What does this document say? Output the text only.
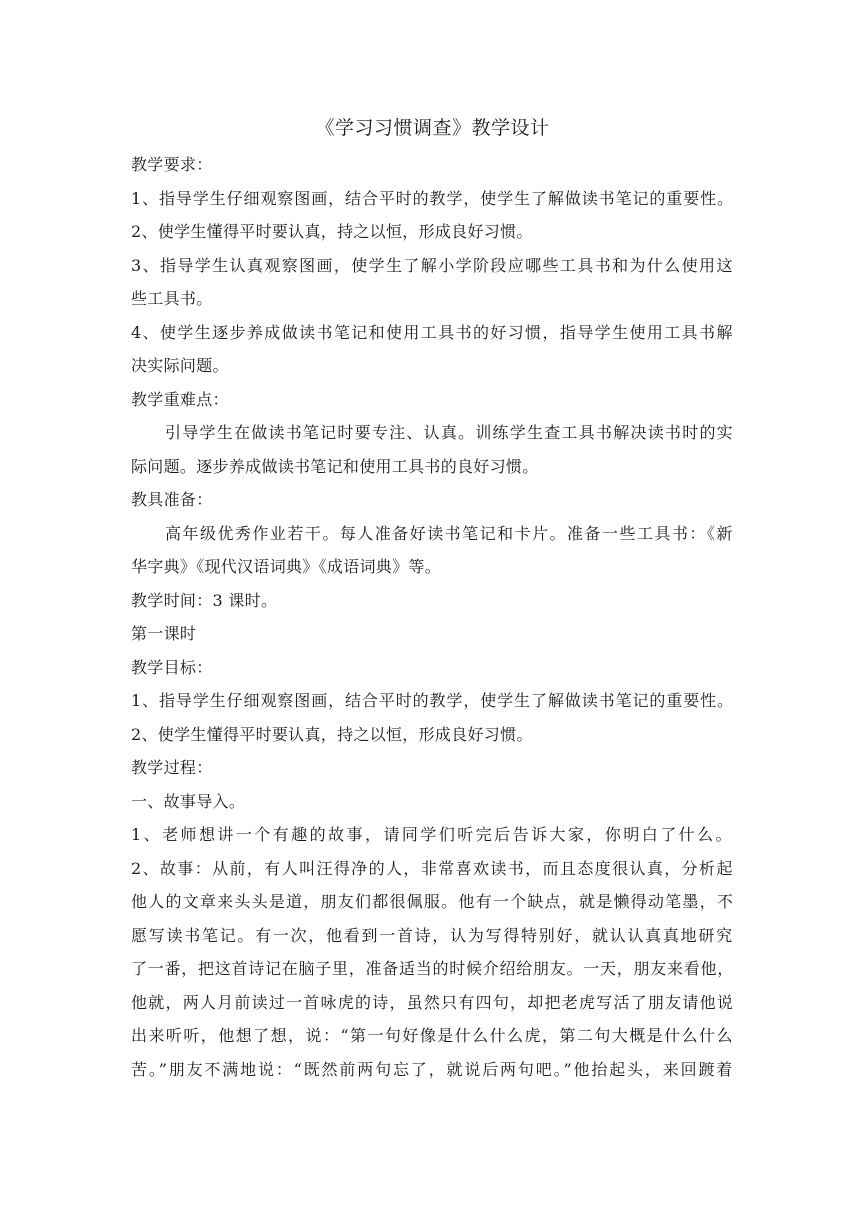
《学习习惯调查》教学设计

教学要求：

1、指导学生仔细观察图画，结合平时的教学，使学生了解做读书笔记的重要性。

2、使学生懂得平时要认真，持之以恒，形成良好习惯。

3、指导学生认真观察图画，使学生了解小学阶段应哪些工具书和为什么使用这

些工具书。

4、使学生逐步养成做读书笔记和使用工具书的好习惯，指导学生使用工具书解

决实际问题。

教学重难点：

引导学生在做读书笔记时要专注、认真。训练学生查工具书解决读书时的实

际问题。逐步养成做读书笔记和使用工具书的良好习惯。

教具准备：

高年级优秀作业若干。每人准备好读书笔记和卡片。准备一些工具书：《新

华字典》《现代汉语词典》《成语词典》等。

教学时间：3 课时。

第一课时

教学目标：

1、指导学生仔细观察图画，结合平时的教学，使学生了解做读书笔记的重要性。

2、使学生懂得平时要认真，持之以恒，形成良好习惯。

教学过程：

一、故事导入。

1、老师想讲一个有趣的故事，请同学们听完后告诉大家，你明白了什么。

2、故事：从前，有人叫汪得净的人，非常喜欢读书，而且态度很认真，分析起

他人的文章来头头是道，朋友们都很佩服。他有一个缺点，就是懒得动笔墨，不

愿写读书笔记。有一次，他看到一首诗，认为写得特别好，就认认真真地研究

了一番，把这首诗记在脑子里，准备适当的时候介绍给朋友。一天，朋友来看他，

他就，两人月前读过一首咏虎的诗，虽然只有四句，却把老虎写活了朋友请他说

出来听听，他想了想，说：“第一句好像是什么什么虎，第二句大概是什么什么

苦。”朋友不满地说：“既然前两句忘了，就说后两句吧。”他抬起头，来回踱着
